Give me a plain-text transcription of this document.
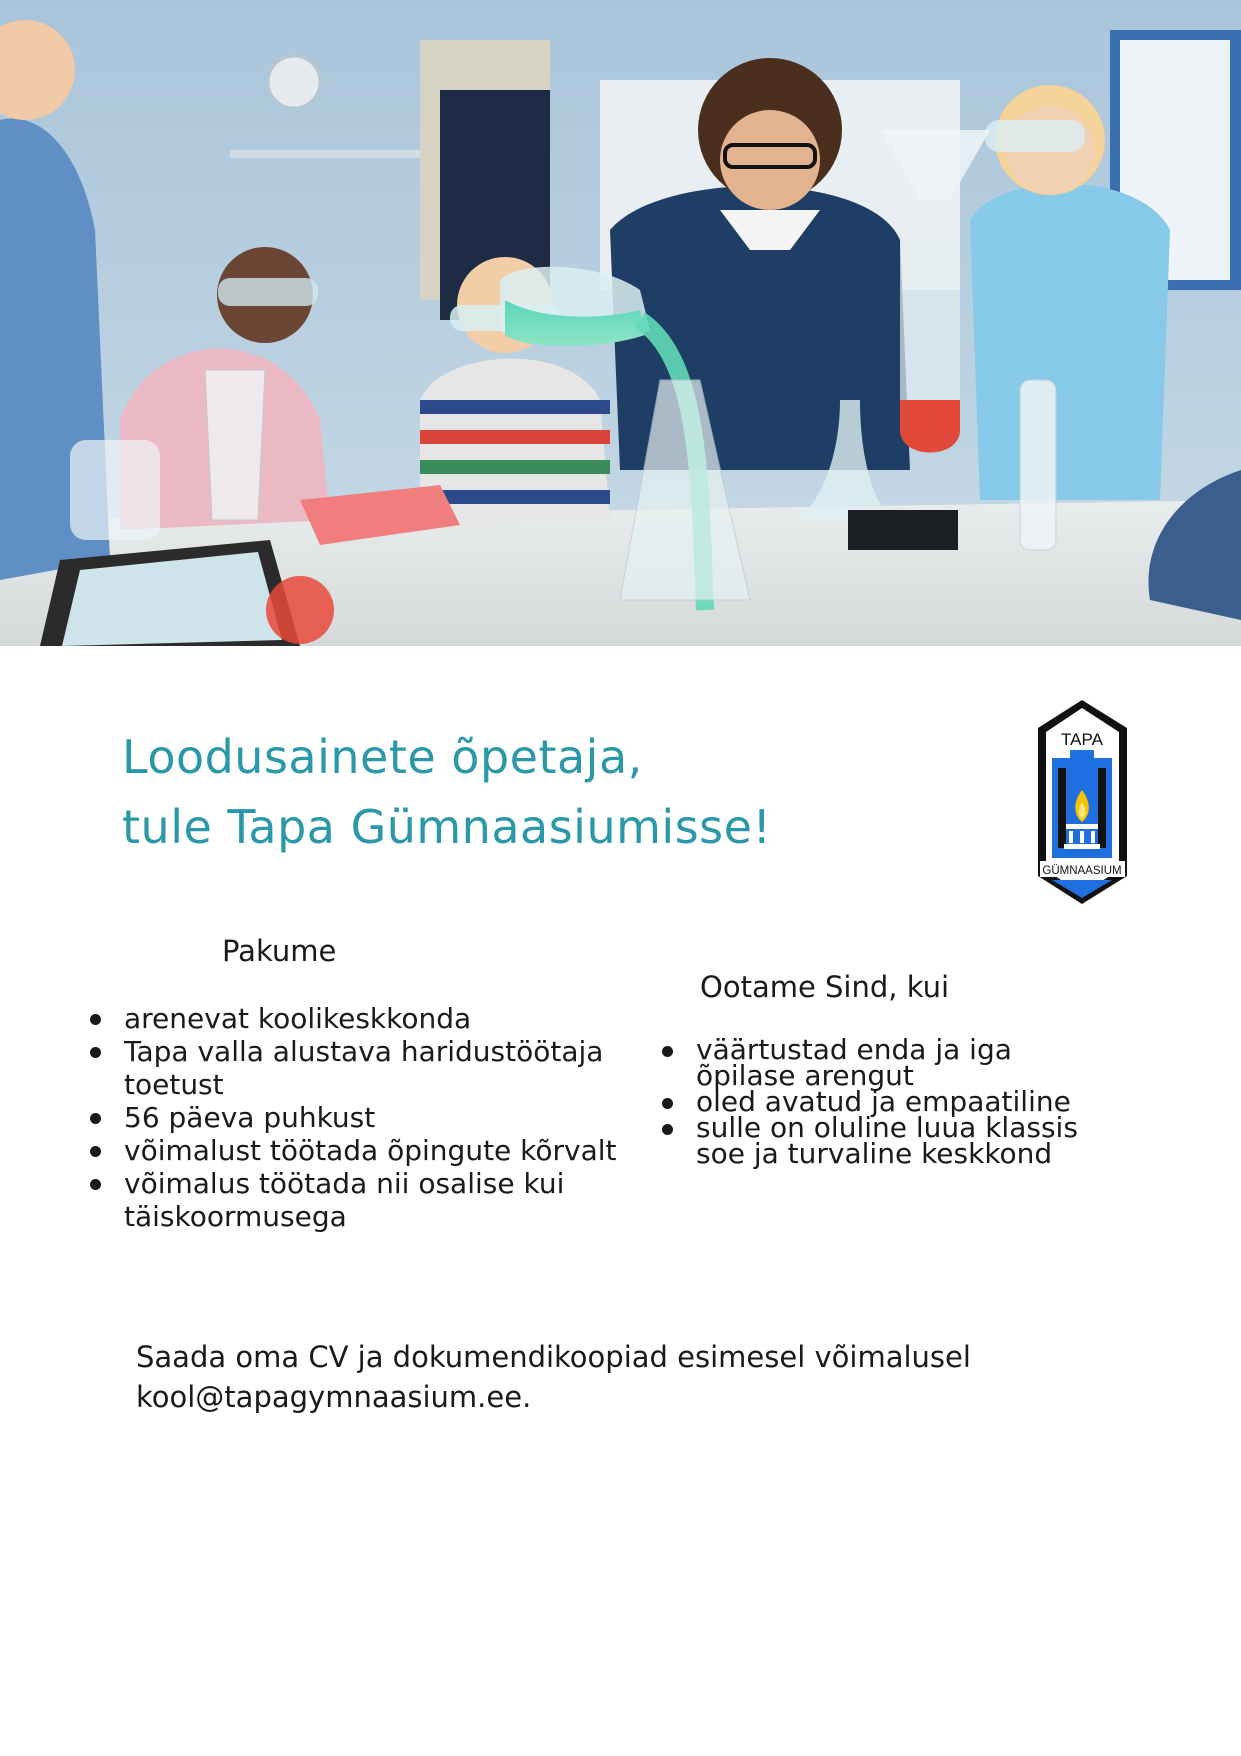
Loodusainete õpetaja,
tule Tapa Gümnaasiumisse!
TAPA
GÜMNAASIUM
Pakume
arenevat koolikeskkonda
Tapa valla alustava haridustöötaja toetust
56 päeva puhkust
võimalust töötada õpingute kõrvalt
võimalus töötada nii osalise kui täiskoormusega
Ootame Sind, kui
väärtustad enda ja iga õpilase arengut
oled avatud ja empaatiline
sulle on oluline luua klassis soe ja turvaline keskkond

Saada oma CV ja dokumendikoopiad esimesel võimalusel
kool@tapagymnaasium.ee.
